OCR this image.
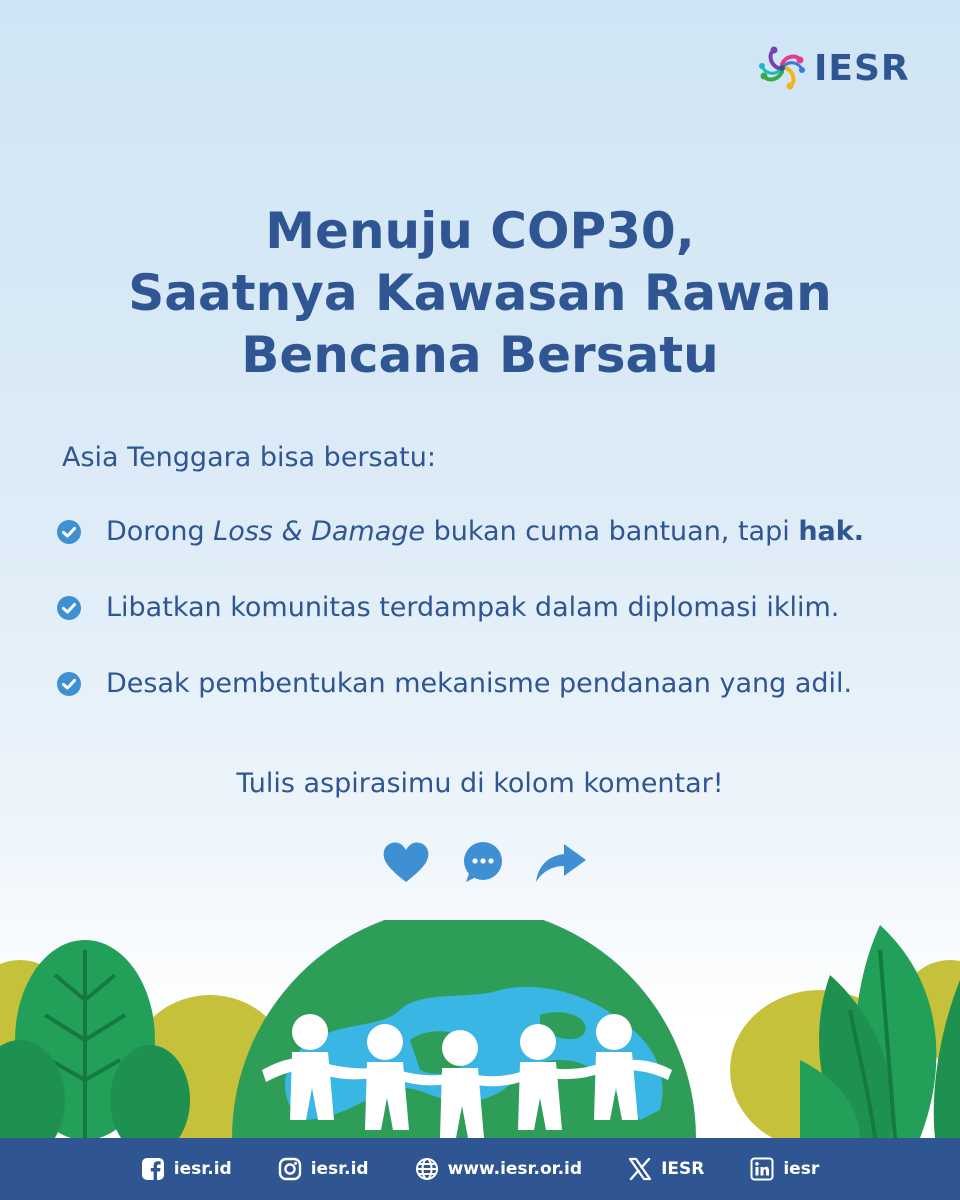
IESR
Menuju COP30,
Saatnya Kawasan Rawan
Bencana Bersatu
Asia Tenggara bisa bersatu:
Dorong Loss & Damage bukan cuma bantuan, tapi hak.
Libatkan komunitas terdampak dalam diplomasi iklim.
Desak pembentukan mekanisme pendanaan yang adil.
Tulis aspirasimu di kolom komentar!
iesr.id	iesr.id	www.iesr.or.id	IESR	iesr
